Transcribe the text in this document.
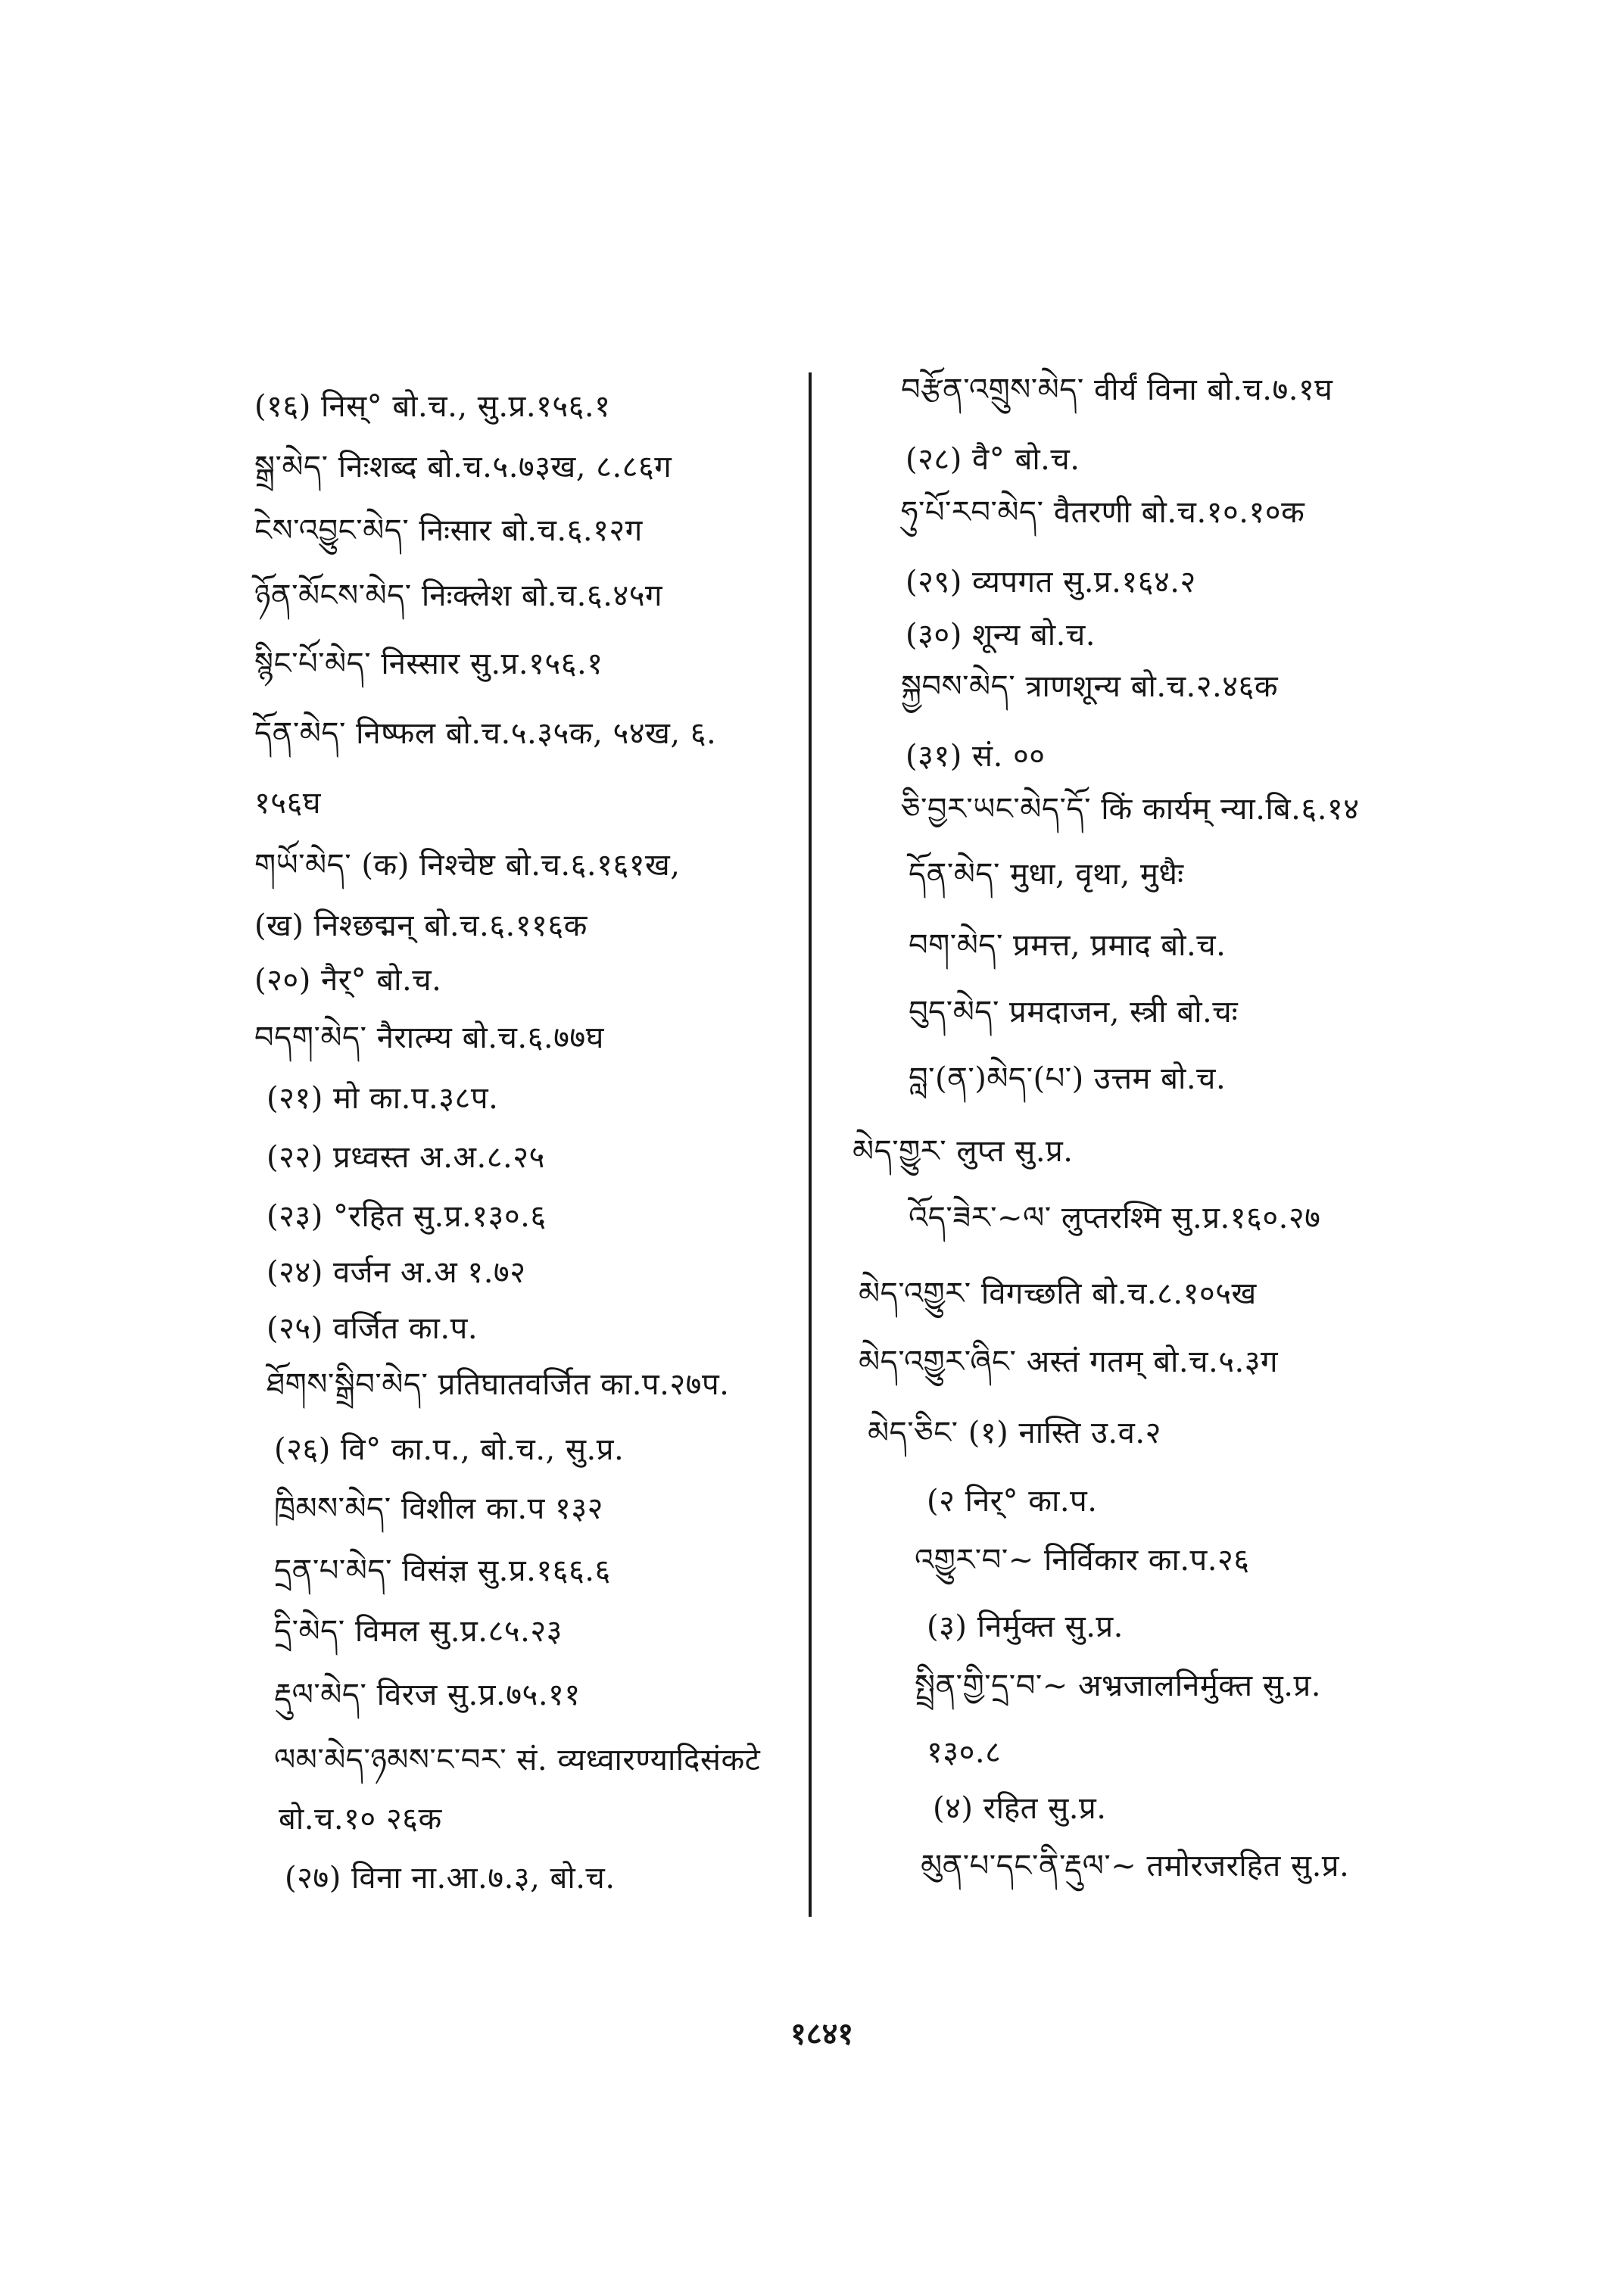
(१६) निस्° बो.च., सु.प्र.१५६.१
སྒྲ་མེད་ निःशब्द बो.च.५.७३ख, ८.८६ग
ངེས་འབྱུང་མེད་ निःसार बो.च.६.१२ग
ཉོན་མོངས་མེད་ निःक्लेश बो.च.६.४५ग
སྙིང་པོ་མེད་ निस्सार सु.प्र.१५६.१
དོན་མེད་ निष्फल बो.च.५.३५क, ५४ख, ६.
१५६घ
གཡོ་མེད་ (क) निश्चेष्ट बो.च.६.१६१ख,
(ख) निश्छद्मन् बो.च.६.११६क
(२०) नैर्° बो.च.
བདག་མེད་ नैरात्म्य बो.च.६.७७घ
(२१) मो का.प.३८प.
(२२) प्रध्वस्त अ.अ.८.२५
(२३) °रहित सु.प्र.१३०.६
(२४) वर्जन अ.अ १.७२
(२५) वर्जित का.प.
ཐོགས་སྒྲིབ་མེད་ प्रतिघातवर्जित का.प.२७प.
(२६) वि° का.प., बो.च., सु.प्र.
ཁྲིམས་མེད་ विशील का.प १३२
དྲན་པ་མེད་ विसंज्ञ सु.प्र.१६६.६
དྲི་མེད་ विमल सु.प्र.८५.२३
རྡུལ་མེད་ विरज सु.प्र.७५.११
ལམ་མེད་ཉམས་ང་བར་ सं. व्यध्वारण्यादिसंकटे
बो.च.१० २६क
(२७) विना ना.आ.७.३, बो.च.
བརྩོན་འགྲུས་མེད་ वीर्यं विना बो.च.७.१घ
(२८) वै° बो.च.
ཧུ་པོ་རབ་མེད་ वैतरणी बो.च.१०.१०क
(२९) व्यपगत सु.प्र.१६४.२
(३०) शून्य बो.च.
སྐྱབས་མེད་ त्राणशून्य बो.च.२.४६क
(३१) सं. ००
ཅི་བྱར་ཡང་མེད་དོ་ किं कार्यम् न्या.बि.६.१४
དོན་མེད་ मुधा, वृथा, मुधैः
བག་མེད་ प्रमत्त, प्रमाद बो.च.
བུད་མེད་ प्रमदाजन, स्त्री बो.चः
བླ་(ན་)མེད་(པ་) उत्तम बो.च.
མེད་གྱུར་ लुप्त सु.प्र.
འོད་ཟེར་~ལ་ लुप्तरश्मि सु.प्र.१६०.२७
མེད་འགྱུར་ विगच्छति बो.च.८.१०५ख
མེད་འགྱུར་ཞིང་ अस्तं गतम् बो.च.५.३ग
མེད་ཅིང་ (१) नास्ति उ.व.२
(२ निर्° का.प.
འགྱུར་བ་~ निर्विकार का.प.२६
(३) निर्मुक्त सु.प्र.
སྤྲིན་གྱི་དྲ་བ་~ अभ्रजालनिर्मुक्त सु.प्र.
१३०.८
(४) रहित सु.प्र.
མུན་པ་དང་ནི་རྡུལ་~ तमोरजरहित सु.प्र.
१८४१
